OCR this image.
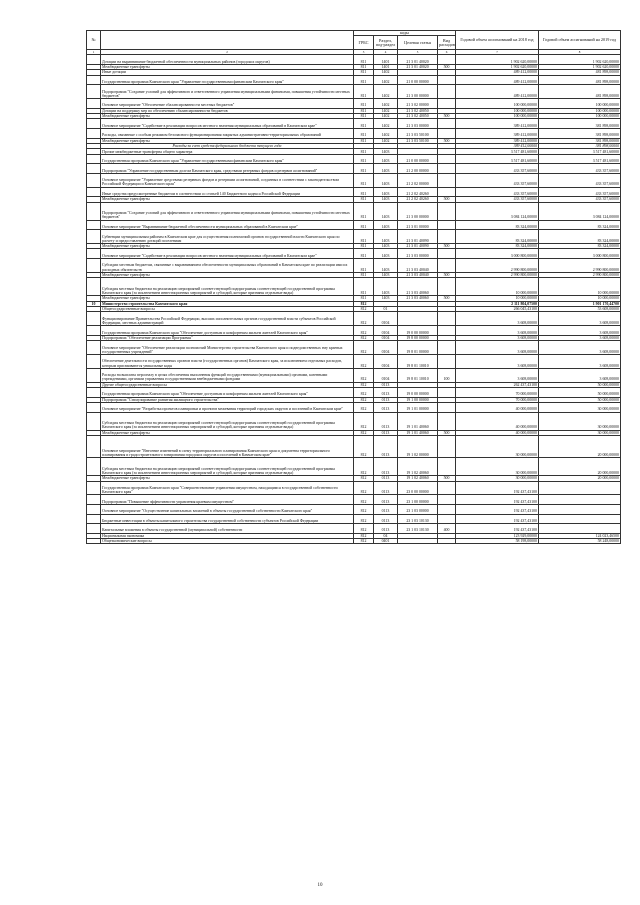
№		коды				Годовой объем ассигнований на 2018 год	Годовой объем ассигнований на 2019 год
		ГРБС	Раздел, под-раздел	Целевая статья	Вид расходов		
1	2	3	4	5	6	7	8
	Дотации на выравнивание бюджетной обеспеченности муниципальных районов (городских округов)	811	1401	21 3 01 40020		1 902 620,00000	1 902 620,00000
	Межбюджетные трансферты	811	1401	21 3 01 40020	500	1 902 620,00000	1 902 620,00000
	Иные дотации	811	1402			489 412,00000	481 898,00000
	Государственная программа Камчатского края "Управление государственными финансами Камчатского края"	811	1402	21 0 00 00000		489 412,00000	481 898,00000
	Подпрограмма "Создание условий для эффективного и ответственного управления муниципальными финансами, повышения устойчивости местных бюджетов"	811	1402	21 3 00 00000		489 412,00000	481 898,00000
	Основное мероприятие "Обеспечение сбалансированности местных бюджетов"	811	1402	21 3 02 00000		100 000,00000	100 000,00000
	Дотации на поддержку мер по обеспечению сбалансированности бюджетов	811	1402	21 3 02 40050		100 000,00000	100 000,00000
	Межбюджетные трансферты	811	1402	21 3 02 40050	500	100 000,00000	100 000,00000
	Основное мероприятие "Содействие в реализации вопросов местного значения муниципальных образований в Камчатском крае"	811	1402	21 3 03 00000		389 412,00000	381 898,00000
	Расходы, связанные с особым режимом безопасного функционирования закрытых административно-территориальных образований	811	1402	21 3 03 50100		389 412,00000	381 898,00000
	Межбюджетные трансферты	811	1402	21 3 03 50100	500	389 412,00000	381 898,00000
	Расходы за счет средств федерального бюджета текущего года					389 412,00000	381 898,00000
	Прочие межбюджетные трансферты общего характера	811	1403			3 517 481,60000	3 517 481,60000
	Государственная программа Камчатского края "Управление государственными финансами Камчатского края"	811	1403	21 0 00 00000		3 517 481,60000	3 517 481,60000
	Подпрограмма "Управление государственным долгом Камчатского края, средствами резервных фондов и резервов ассигнований"	811	1403	21 2 00 00000		433 357,60000	433 357,60000
	Основное мероприятие "Управление средствами резервных фондов и резервами ассигнований, созданных в соответствии с законодательством Российской Федерации и Камчатского края"	811	1403	21 2 02 00000		433 357,60000	433 357,60000
	Иные средства предусмотренные бюджетом в соответствии со статьей 140 Бюджетного кодекса Российской Федерации	811	1403	21 2 02 40260		433 357,60000	433 357,60000
	Межбюджетные трансферты	811	1403	21 2 02 40260	500	433 357,60000	433 357,60000
	Подпрограмма "Создание условий для эффективного и ответственного управления муниципальными финансами, повышения устойчивости местных бюджетов"	811	1403	21 3 00 00000		3 084 124,00000	3 084 124,00000
	Основное мероприятие "Выравнивание бюджетной обеспеченности муниципальных образований в Камчатском крае"	811	1403	21 3 01 00000		83 324,00000	83 324,00000
	Субвенции муниципальным районам в Камчатском крае для осуществления полномочий органов государственной власти Камчатского края по расчету и предоставлению дотаций поселениям	811	1403	21 3 01 40090		83 324,00000	83 324,00000
	Межбюджетные трансферты	811	1403	21 3 01 40090	500	83 324,00000	83 324,00000
	Основное мероприятие "Содействие в реализации вопросов местного значения муниципальных образований в Камчатском крае"	811	1403	21 3 03 00000		3 000 800,00000	3 000 800,00000
	Субсидии местным бюджетам, связанные с выравниванием обеспеченности муниципальных образований в Камчатском крае по реализации ими их расходных обязательств	811	1403	21 3 03 40040		2 990 800,00000	2 990 800,00000
	Межбюджетные трансферты	811	1403	21 3 03 40040	500	2 990 800,00000	2 990 800,00000
	Субсидия местным бюджетам на реализацию мероприятий соответствующей подпрограммы соответствующей государственной программы Камчатского края (за исключением инвестиционных мероприятий и субсидий, которые признаны отдельные виды)	811	1403	21 3 03 40060		10 000,00000	10 000,00000
	Межбюджетные трансферты	811	1403	21 3 03 40060	500	10 000,00000	10 000,00000
10	Министерство строительства Камчатского края	812				2 111 804,07500	1 901 170,44700
	Общегосударственные вопросы	812	01			266 045,43100	53 608,00000
	Функционирование Правительства Российской Федерации, высших исполнительных органов государственной власти субъектов Российской Федерации, местных администраций	812	0104			3 608,00000	3 608,00000
	Государственная программа Камчатского края "Обеспечение доступным и комфортным жильем жителей Камчатского края"	812	0104	19 0 00 00000		3 608,00000	3 608,00000
	Подпрограмма "Обеспечение реализации Программы"	812	0104	19 8 00 00000		3 608,00000	3 608,00000
	Основное мероприятие "Обеспечение реализации полномочий Министерства строительства Камчатского края и подведомственных ему краевых государственных учреждений"	812	0104	19 8 01 00000		3 608,00000	3 608,00000
	Обеспечение деятельности государственных органов власти (государственных органов) Камчатского края, за исключением отдельных расходов, которым присваиваются уникальные коды	812	0104	19 8 01 10010		3 608,00000	3 608,00000
	Расходы на выплаты персоналу в целях обеспечения выполнения функций государственными (муниципальными) органами, казенными учреждениями, органами управления государственными внебюджетными фондами	812	0104	19 8 01 10010	100	3 608,00000	3 608,00000
	Другие общегосударственные вопросы	812	0113			262 437,43100	50 000,00000
	Государственная программа Камчатского края "Обеспечение доступным и комфортным жильем жителей Камчатского края"	812	0113	19 0 00 00000		70 000,00000	50 000,00000
	Подпрограмма "Стимулирование развития жилищного строительства"	812	0113	19 1 00 00000		70 000,00000	50 000,00000
	Основное мероприятие "Разработка проектов планировки и проектов межевания территорий городских округов и поселений в Камчатском крае"	812	0113	19 1 01 00000		40 000,00000	30 000,00000
	Субсидия местным бюджетам на реализацию мероприятий соответствующей подпрограммы соответствующей государственной программы Камчатского края (за исключением инвестиционных мероприятий и субсидий, которые признаны отдельные виды)	812	0113	19 1 01 40060		40 000,00000	30 000,00000
	Межбюджетные трансферты	812	0113	19 1 01 40060	500	40 000,00000	30 000,00000
	Основное мероприятие "Внесение изменений в схему территориального планирования Камчатского края и документы территориального планирования и градостроительного зонирования городских округов и поселений в Камчатском крае"	812	0113	19 1 02 00000		30 000,00000	20 000,00000
	Субсидия местным бюджетам на реализацию мероприятий соответствующей подпрограммы соответствующей государственной программы Камчатского края (за исключением инвестиционных мероприятий и субсидий, которые признаны отдельные виды)	812	0113	19 1 02 40060		30 000,00000	20 000,00000
	Межбюджетные трансферты	812	0113	19 1 02 40060	500	30 000,00000	20 000,00000
	Государственная программа Камчатского края "Совершенствование управления имуществом, находящимся в государственной собственности Камчатского края"	812	0113	23 0 00 00000		192 437,43100	
	Подпрограмма "Повышение эффективности управления краевым имуществом"	812	0113	23 1 00 00000		192 437,43100	
	Основное мероприятие "Осуществление капитальных вложений в объекты государственной собственности Камчатского края"	812	0113	23 1 03 00000		192 437,43100	
	Бюджетные инвестиции в объекты капитального строительства государственной собственности субъектов Российской Федерации	812	0113	23 1 03 10130		192 437,43100	
	Капитальные вложения в объекты государственной (муниципальной) собственности	812	0113	23 1 03 10130	400	192 437,43100	
	Национальная экономика	812	04			123 929,00000	124 023,46500
	Общеэкономические вопросы	812	0401			58 198,00000	58 248,00000
10
